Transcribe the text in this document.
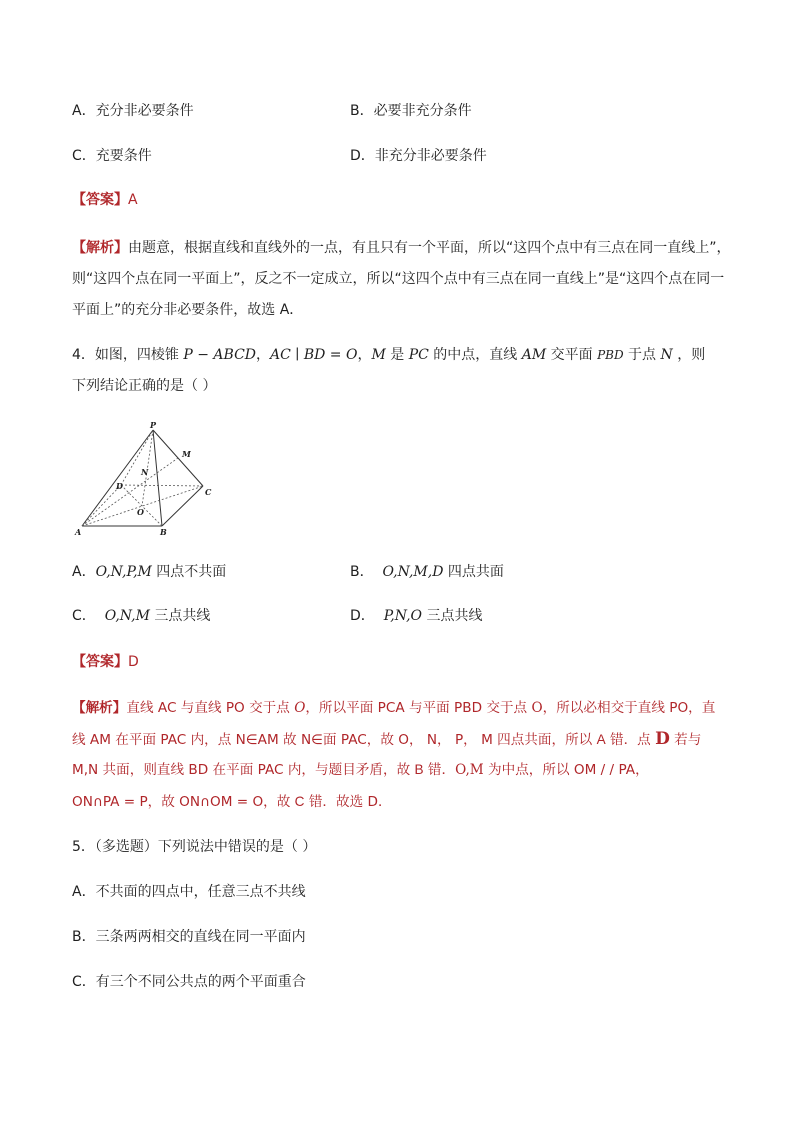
A．充分非必要条件	B．必要非充分条件
C．充要条件	D．非充分非必要条件
【答案】A
【解析】由题意，根据直线和直线外的一点，有且只有一个平面，所以“这四个点中有三点在同一直线上”，
则“这四个点在同一平面上”，反之不一定成立，所以“这四个点中有三点在同一直线上”是“这四个点在同一
平面上”的充分非必要条件，故选 A．
4．如图，四棱锥 P − ABCD，AC ∣ BD = O，M 是 PC 的中点，直线 AM 交平面 PBD 于点 N ，则
下列结论正确的是（ ）
P
M
N
D
C
O
A	B
A．O,N,P,M 四点不共面	B． O,N,M,D 四点共面
C． O,N,M 三点共线	D． P,N,O 三点共线
【答案】D
【解析】直线 AC 与直线 PO 交于点 O，所以平面 PCA 与平面 PBD 交于点 O，所以必相交于直线 PO，直
线 AM 在平面 PAC 内，点 N∈AM 故 N∈面 PAC，故 O， N， P， M 四点共面，所以 A 错．点 D 若与
M,N 共面，则直线 BD 在平面 PAC 内，与题目矛盾，故 B 错．O,M 为中点，所以 OM / / PA，
ON∩PA = P，故 ON∩OM = O，故 C 错．故选 D．
5．（多选题）下列说法中错误的是（ ）
A．不共面的四点中，任意三点不共线
B．三条两两相交的直线在同一平面内
C．有三个不同公共点的两个平面重合
